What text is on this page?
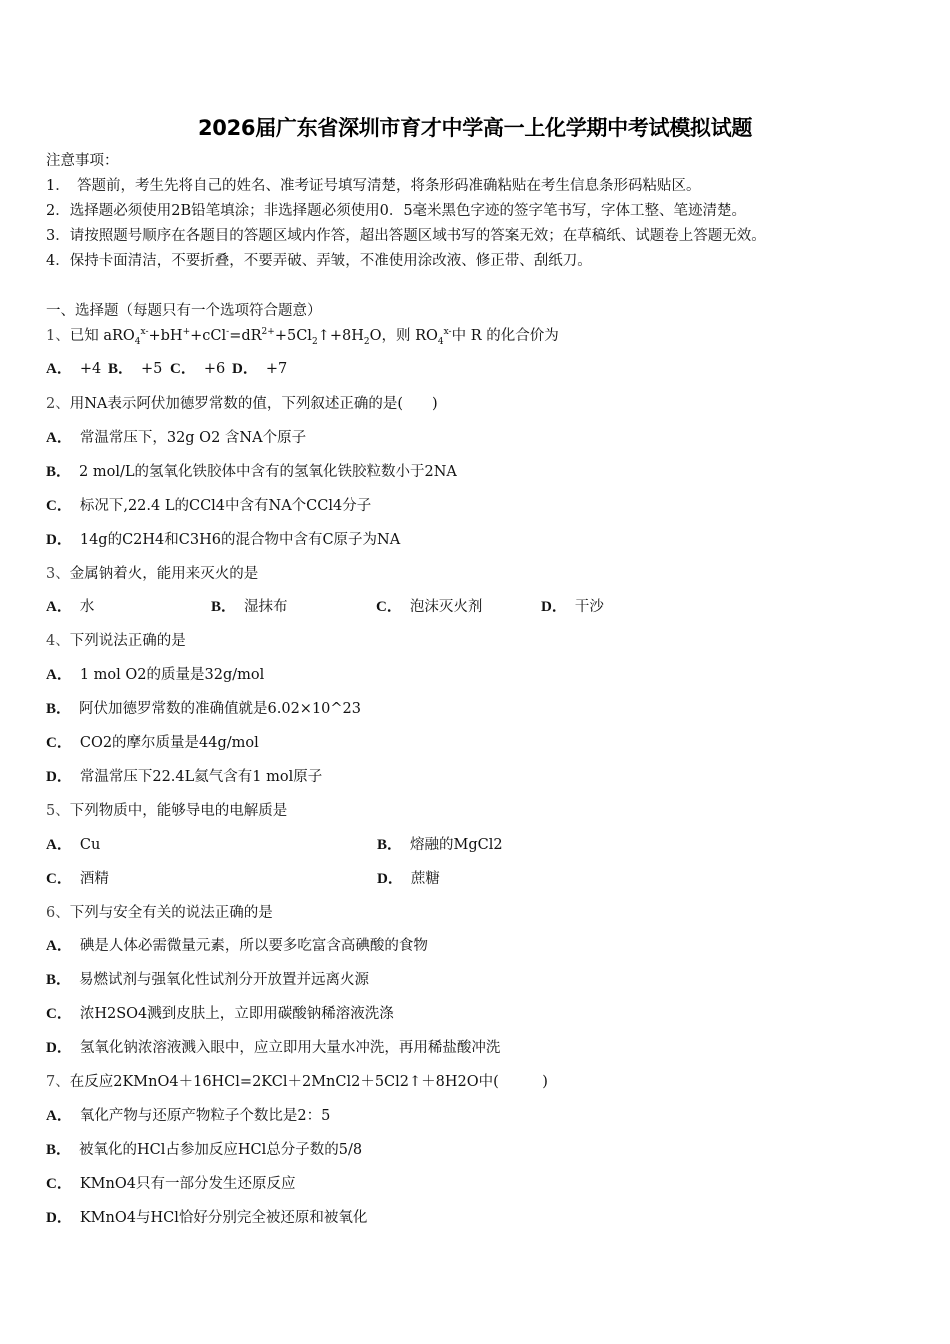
2026届广东省深圳市育才中学高一上化学期中考试模拟试题
注意事项：
1．　答题前，考生先将自己的姓名、准考证号填写清楚，将条形码准确粘贴在考生信息条形码粘贴区。
2．选择题必须使用2B铅笔填涂；非选择题必须使用0．5毫米黑色字迹的签字笔书写，字体工整、笔迹清楚。
3．请按照题号顺序在各题目的答题区域内作答，超出答题区域书写的答案无效；在草稿纸、试题卷上答题无效。
4．保持卡面清洁，不要折叠，不要弄破、弄皱，不准使用涂改液、修正带、刮纸刀。
一、选择题（每题只有一个选项符合题意）
1、已知 $aRO_4^{x-}+bH^++cCl^-=dR^{2+}+5Cl_2↑+8H_2O$，则 $RO_4^{x-}$中 R 的化合价为
A． +4 B． +5 C． +6 D． +7
2、用NA表示阿伏加德罗常数的值，下列叙述正确的是(　　)
A． 常温常压下，32g O2 含NA个原子
B． 2 mol/L的氢氧化铁胶体中含有的氢氧化铁胶粒数小于2NA
C． 标况下,22.4 L的CCl4中含有NA个CCl4分子
D． 14g的C2H4和C3H6的混合物中含有C原子为NA
3、金属钠着火，能用来灭火的是
A． 水	B． 湿抹布	C． 泡沫灭火剂	D． 干沙
4、下列说法正确的是
A． 1 mol O2的质量是32g/mol
B． 阿伏加德罗常数的准确值就是6.02×10^23
C． CO2的摩尔质量是44g/mol
D． 常温常压下22.4L氦气含有1 mol原子
5、下列物质中，能够导电的电解质是
A． Cu	B． 熔融的MgCl2
C． 酒精	D． 蔗糖
6、下列与安全有关的说法正确的是
A． 碘是人体必需微量元素，所以要多吃富含高碘酸的食物
B． 易燃试剂与强氧化性试剂分开放置并远离火源
C． 浓H2SO4溅到皮肤上，立即用碳酸钠稀溶液洗涤
D． 氢氧化钠浓溶液溅入眼中，应立即用大量水冲洗，再用稀盐酸冲洗
7、在反应2KMnO4＋16HCl=2KCl＋2MnCl2＋5Cl2↑＋8H2O中(　　　)
A． 氧化产物与还原产物粒子个数比是2：5
B． 被氧化的HCl占参加反应HCl总分子数的5/8
C． KMnO4只有一部分发生还原反应
D． KMnO4与HCl恰好分别完全被还原和被氧化
